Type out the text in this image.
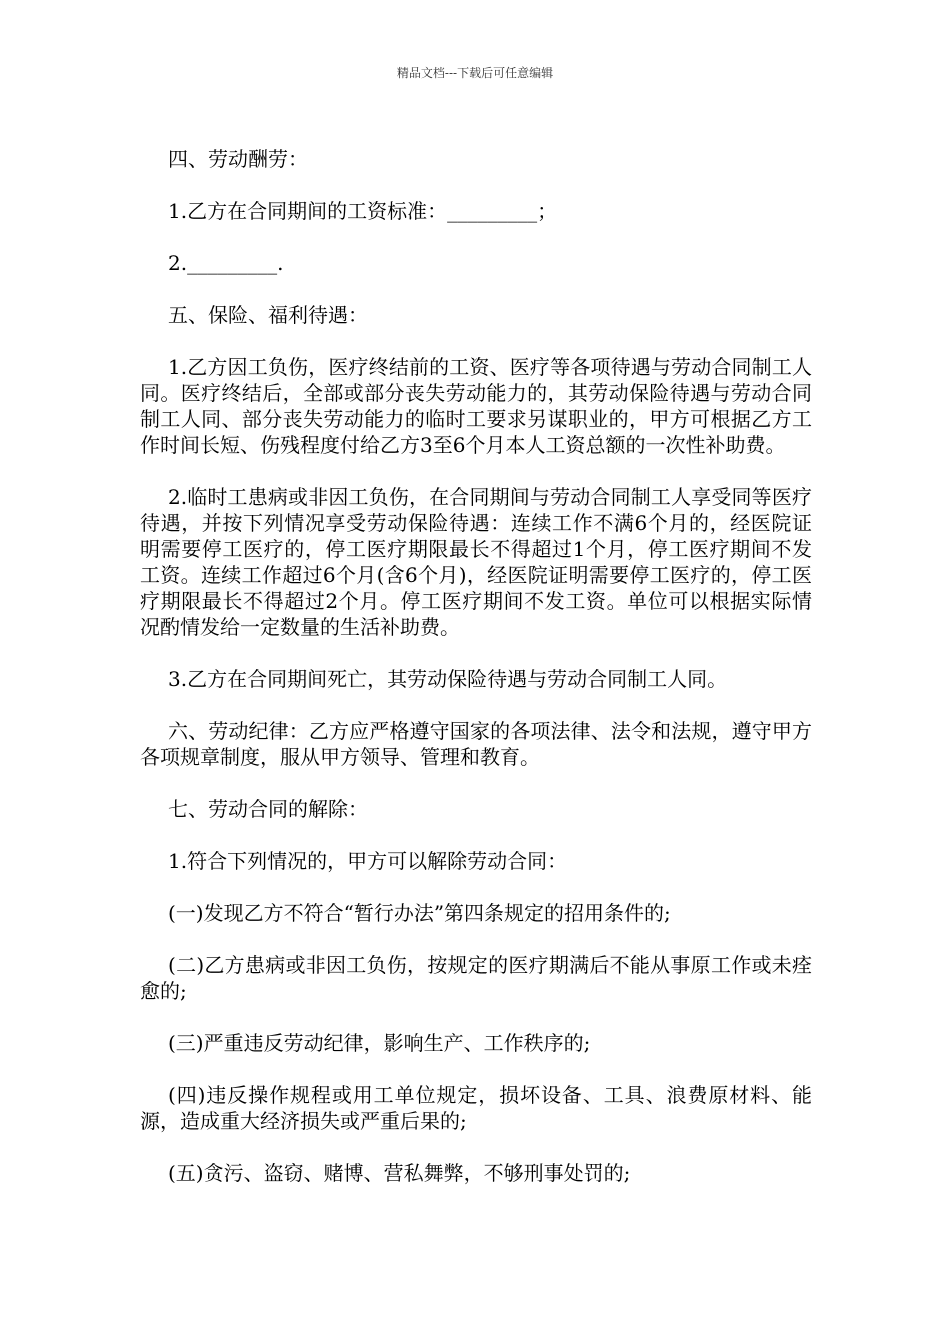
精品文档---下载后可任意编辑

四、劳动酬劳：

1.乙方在合同期间的工资标准：_________；

2._________.

五、保险、福利待遇：

1.乙方因工负伤，医疗终结前的工资、医疗等各项待遇与劳动合同制工人同。医疗终结后，全部或部分丧失劳动能力的，其劳动保险待遇与劳动合同制工人同、部分丧失劳动能力的临时工要求另谋职业的，甲方可根据乙方工作时间长短、伤残程度付给乙方3至6个月本人工资总额的一次性补助费。

2.临时工患病或非因工负伤，在合同期间与劳动合同制工人享受同等医疗待遇，并按下列情况享受劳动保险待遇：连续工作不满6个月的，经医院证明需要停工医疗的，停工医疗期限最长不得超过1个月，停工医疗期间不发工资。连续工作超过6个月(含6个月)，经医院证明需要停工医疗的，停工医疗期限最长不得超过2个月。停工医疗期间不发工资。单位可以根据实际情况酌情发给一定数量的生活补助费。

3.乙方在合同期间死亡，其劳动保险待遇与劳动合同制工人同。

六、劳动纪律：乙方应严格遵守国家的各项法律、法令和法规，遵守甲方各项规章制度，服从甲方领导、管理和教育。

七、劳动合同的解除：

1.符合下列情况的，甲方可以解除劳动合同：

(一)发现乙方不符合“暂行办法”第四条规定的招用条件的;

(二)乙方患病或非因工负伤，按规定的医疗期满后不能从事原工作或未痊愈的;

(三)严重违反劳动纪律，影响生产、工作秩序的;

(四)违反操作规程或用工单位规定，损坏设备、工具、浪费原材料、能源，造成重大经济损失或严重后果的;

(五)贪污、盗窃、赌博、营私舞弊，不够刑事处罚的;
